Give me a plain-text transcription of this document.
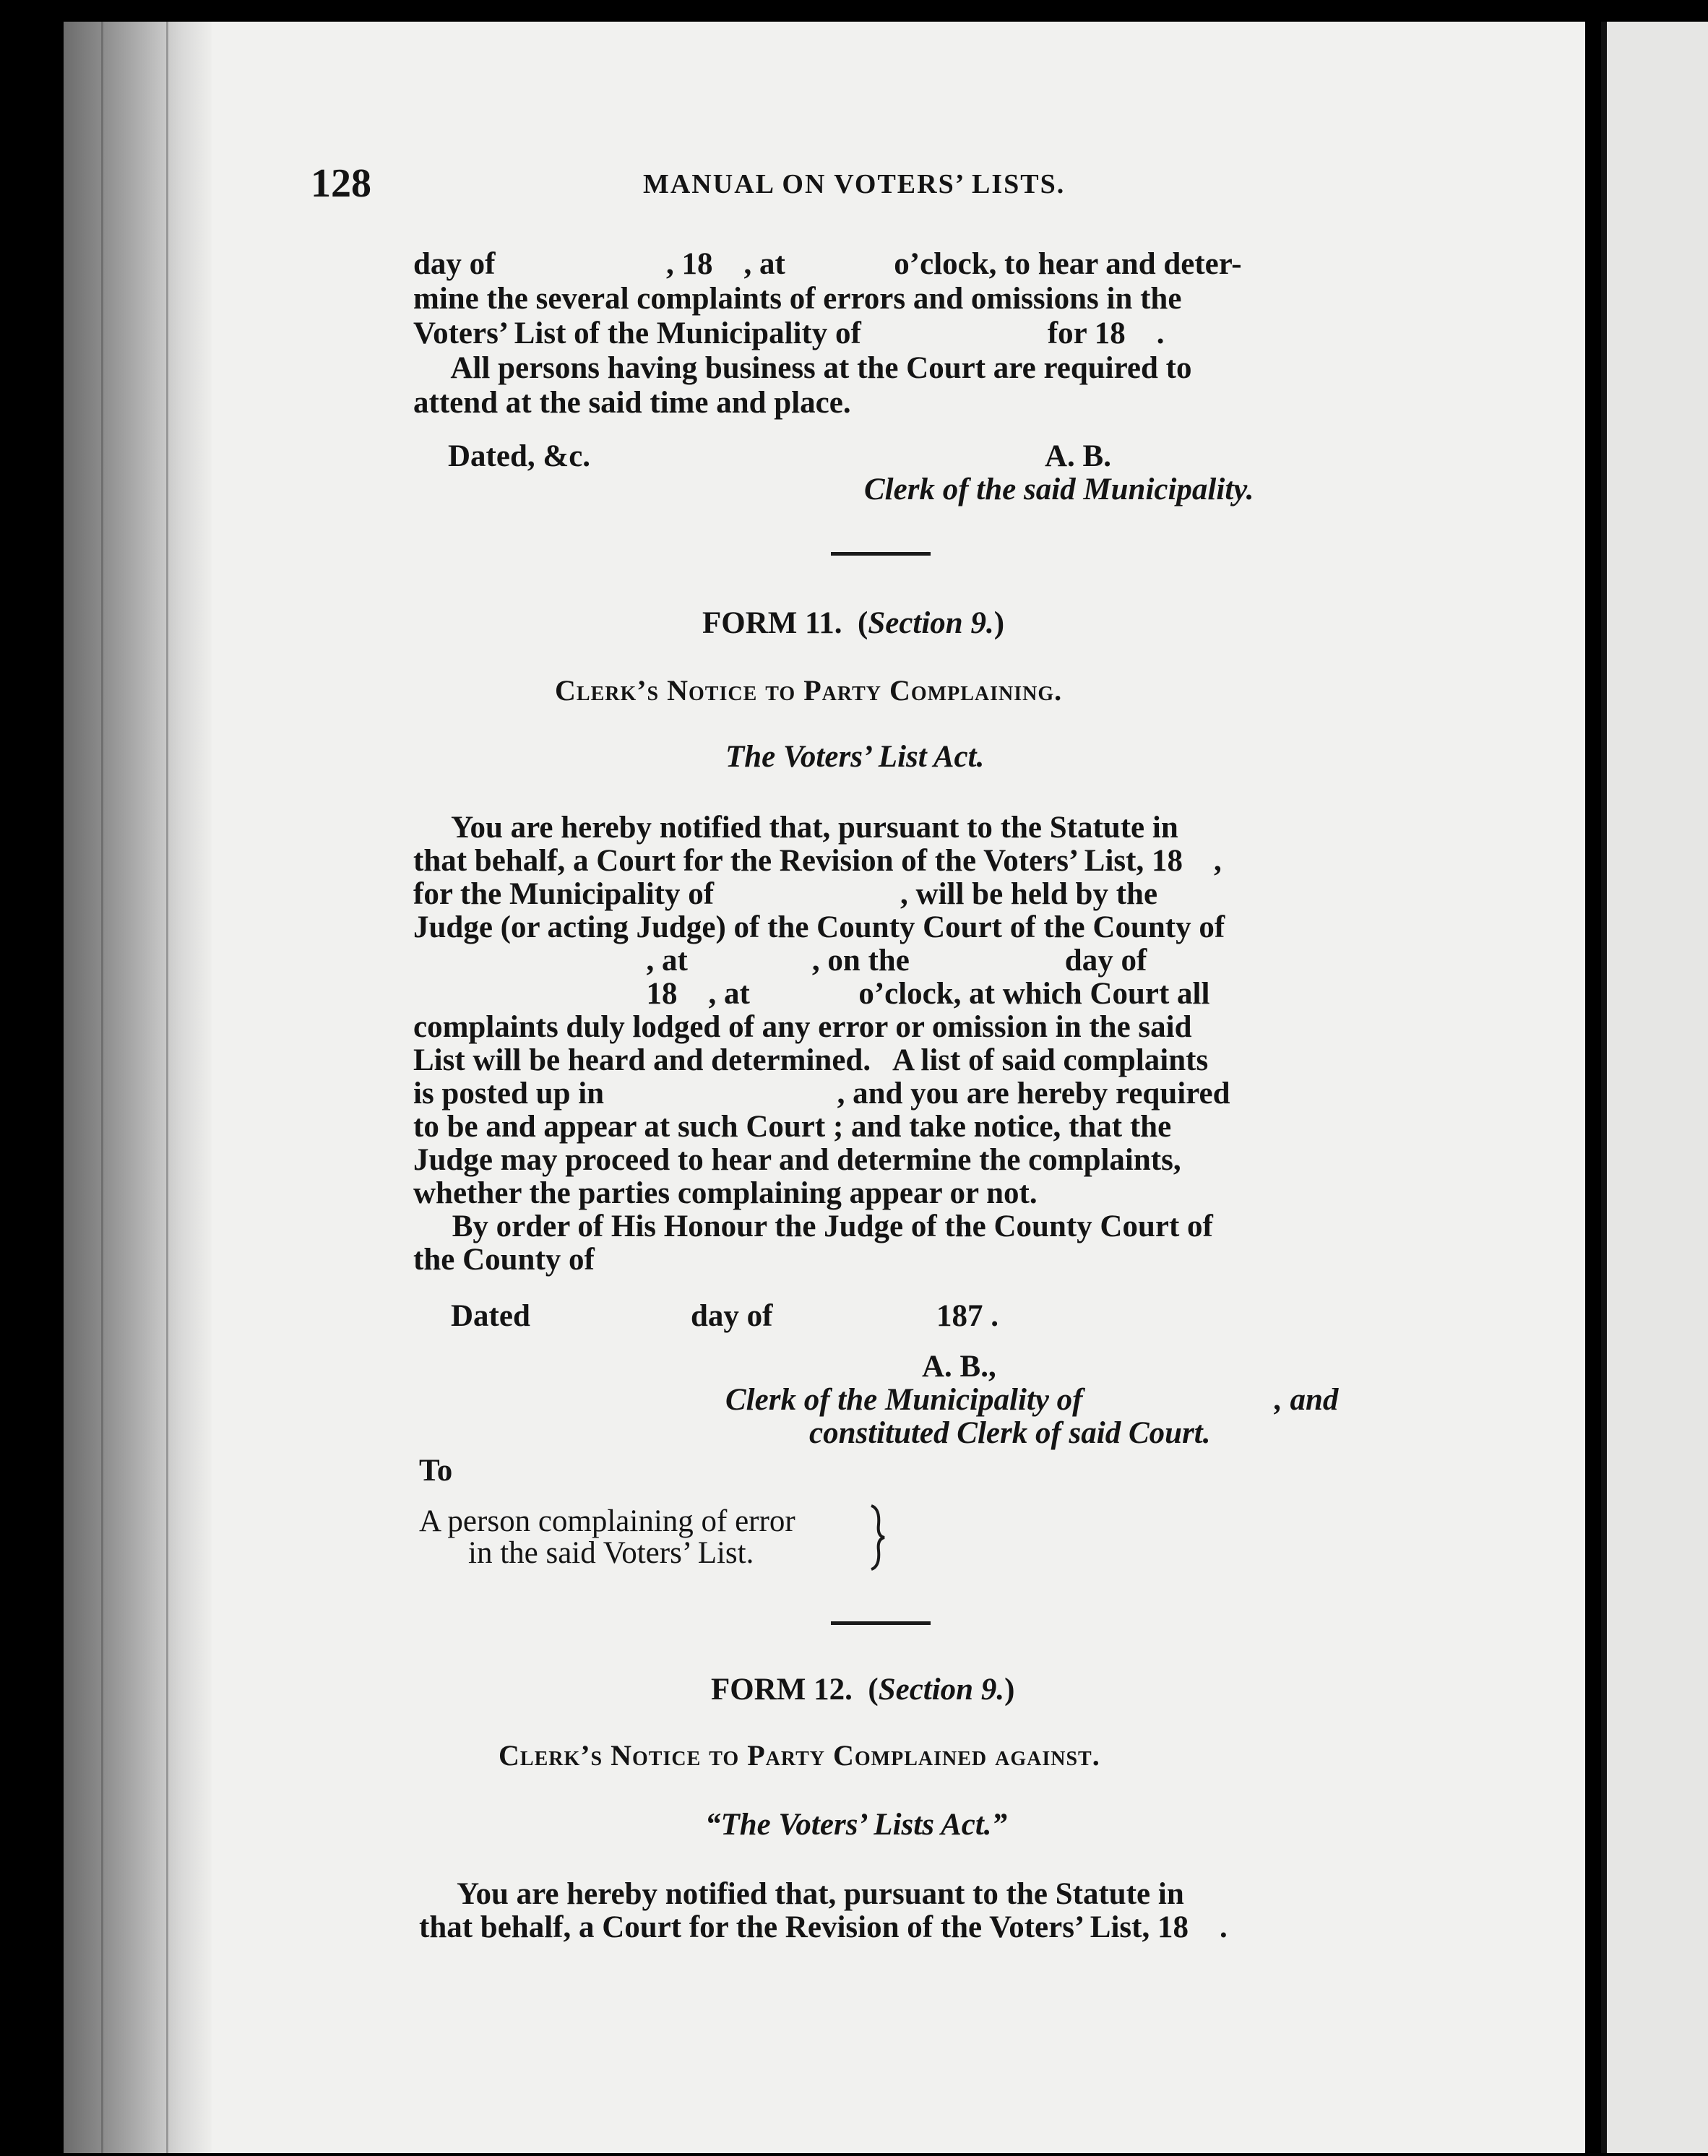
128	MANUAL ON VOTERS’ LISTS.
day of                      , 18    , at              o’clock, to hear and deter-
mine the several complaints of errors and omissions in the
Voters’ List of the Municipality of                        for 18    .
All persons having business at the Court are required to
attend at the said time and place.
Dated, &c.	A. B.
Clerk of the said Municipality.
FORM 11.  (Section 9.)
Clerk’s Notice to Party Complaining.
The Voters’ List Act.
You are hereby notified that, pursuant to the Statute in
that behalf, a Court for the Revision of the Voters’ List, 18    ,
for the Municipality of                        , will be held by the
Judge (or acting Judge) of the County Court of the County of
, at                , on the                    day of
18    , at              o’clock, at which Court all
complaints duly lodged of any error or omission in the said
List will be heard and determined.   A list of said complaints
is posted up in                              , and you are hereby required
to be and appear at such Court ; and take notice, that the
Judge may proceed to hear and determine the complaints,
whether the parties complaining appear or not.
By order of His Honour the Judge of the County Court of
the County of
Dated	day of	187 .
A. B.,
Clerk of the Municipality of	, and
constituted Clerk of said Court.
To
A person complaining of error
in the said Voters’ List.
FORM 12.  (Section 9.)
Clerk’s Notice to Party Complained against.
“The Voters’ Lists Act.”
You are hereby notified that, pursuant to the Statute in
that behalf, a Court for the Revision of the Voters’ List, 18    .
